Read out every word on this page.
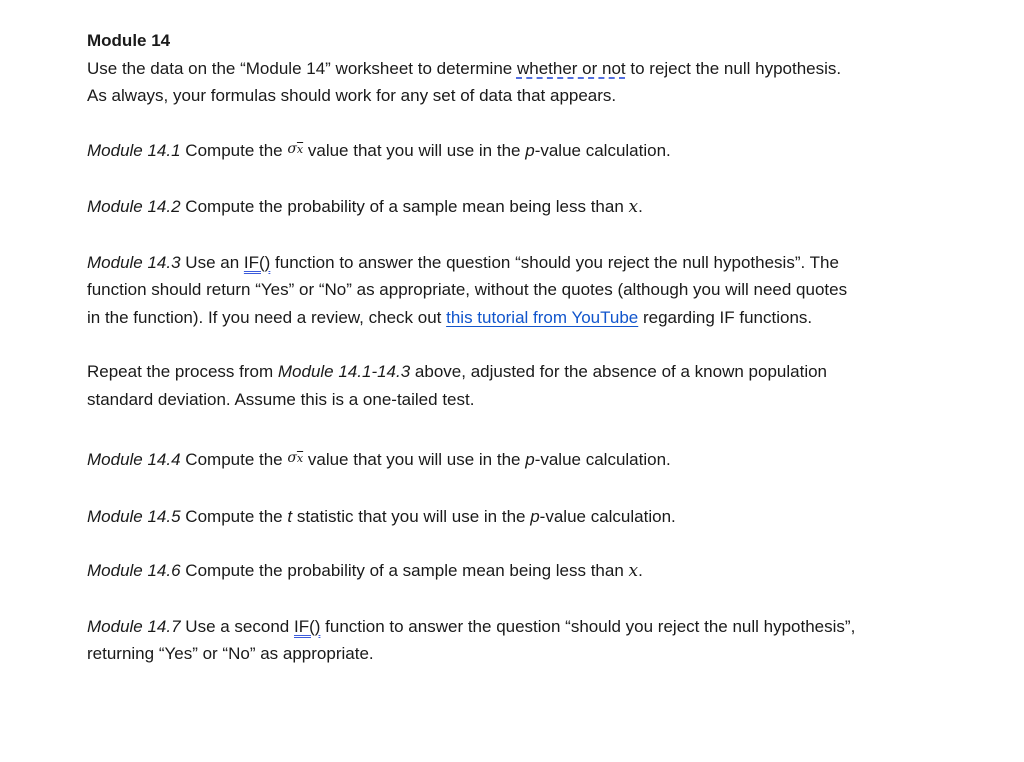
Module 14
Use the data on the “Module 14” worksheet to determine whether or not to reject the null hypothesis.
As always, your formulas should work for any set of data that appears.
Module 14.1 Compute the $\sigma\overline{x}$ value that you will use in the p-value calculation.
Module 14.2 Compute the probability of a sample mean being less than x.
Module 14.3 Use an IF() function to answer the question “should you reject the null hypothesis”. The
function should return “Yes” or “No” as appropriate, without the quotes (although you will need quotes
in the function). If you need a review, check out this tutorial from YouTube regarding IF functions.
Repeat the process from Module 14.1-14.3 above, adjusted for the absence of a known population
standard deviation. Assume this is a one-tailed test.
Module 14.4 Compute the $\sigma\overline{x}$ value that you will use in the p-value calculation.
Module 14.5 Compute the t statistic that you will use in the p-value calculation.
Module 14.6 Compute the probability of a sample mean being less than x.
Module 14.7 Use a second IF() function to answer the question “should you reject the null hypothesis”,
returning “Yes” or “No” as appropriate.
